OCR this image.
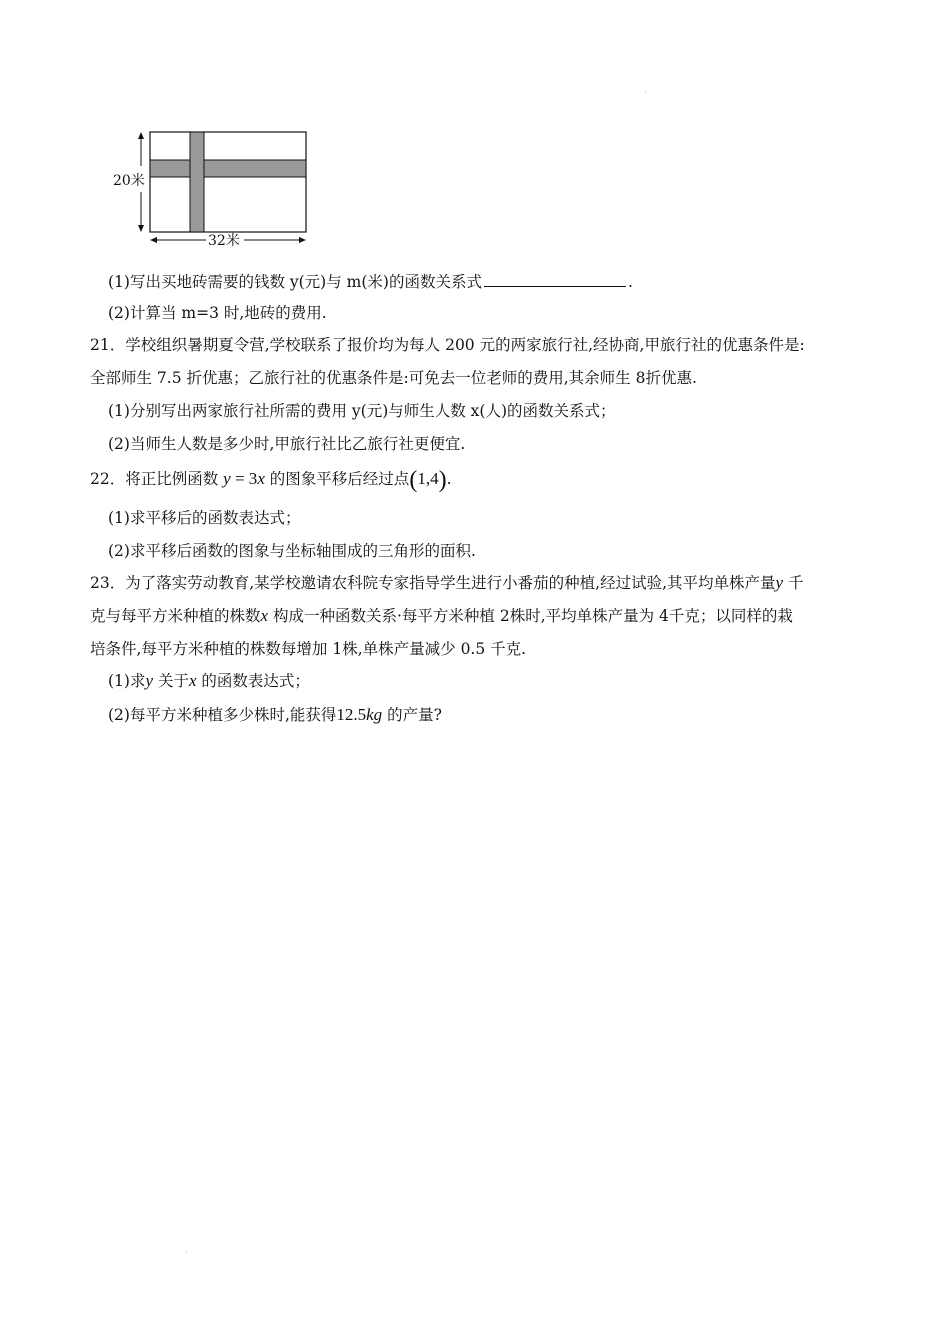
20米
32米
(1)写出买地砖需要的钱数 y(元)与 m(米)的函数关系式	.
(2)计算当 m=3 时,地砖的费用.
21．学校组织暑期夏令营,学校联系了报价均为每人 200 元的两家旅行社,经协商,甲旅行社的优惠条件是:
全部师生 7.5 折优惠；乙旅行社的优惠条件是:可免去一位老师的费用,其余师生 8折优惠.
(1)分别写出两家旅行社所需的费用 y(元)与师生人数 x(人)的函数关系式；
(2)当师生人数是多少时,甲旅行社比乙旅行社更便宜.
22．将正比例函数 y = 3x 的图象平移后经过点(1,4).
(1)求平移后的函数表达式；
(2)求平移后函数的图象与坐标轴围成的三角形的面积.
23．为了落实劳动教育,某学校邀请农科院专家指导学生进行小番茄的种植,经过试验,其平均单株产量y 千
克与每平方米种植的株数x 构成一种函数关系·每平方米种植 2株时,平均单株产量为 4千克；以同样的栽
培条件,每平方米种植的株数每增加 1株,单株产量减少 0.5 千克.
(1)求y 关于x 的函数表达式；
(2)每平方米种植多少株时,能获得12.5kg 的产量?
